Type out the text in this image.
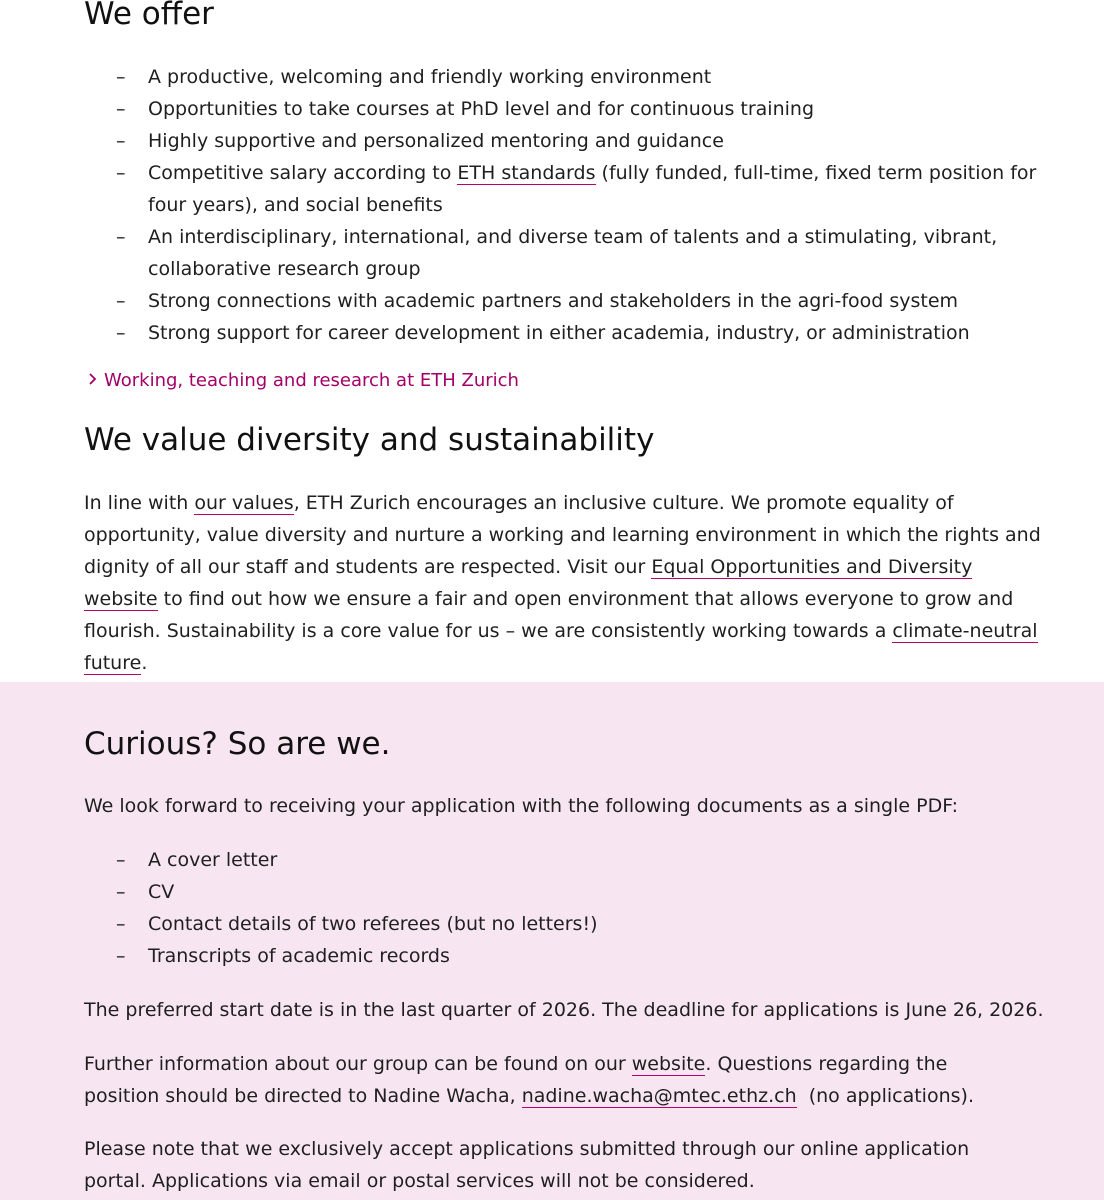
We offer
– A productive, welcoming and friendly working environment
– Opportunities to take courses at PhD level and for continuous training
– Highly supportive and personalized mentoring and guidance
– Competitive salary according to ETH standards (fully funded, full-time, fixed term position for four years), and social benefits
– An interdisciplinary, international, and diverse team of talents and a stimulating, vibrant, collaborative research group
– Strong connections with academic partners and stakeholders in the agri-food system
– Strong support for career development in either academia, industry, or administration
Working, teaching and research at ETH Zurich
We value diversity and sustainability

In line with our values, ETH Zurich encourages an inclusive culture. We promote equality of opportunity, value diversity and nurture a working and learning environment in which the rights and dignity of all our staff and students are respected. Visit our Equal Opportunities and Diversity website to find out how we ensure a fair and open environment that allows everyone to grow and flourish. Sustainability is a core value for us – we are consistently working towards a climate-neutral future.

Curious? So are we.

We look forward to receiving your application with the following documents as a single PDF:

– A cover letter
– CV
– Contact details of two referees (but no letters!)
– Transcripts of academic records

The preferred start date is in the last quarter of 2026. The deadline for applications is June 26, 2026.

Further information about our group can be found on our website. Questions regarding the position should be directed to Nadine Wacha, nadine.wacha@mtec.ethz.ch  (no applications).

Please note that we exclusively accept applications submitted through our online application portal. Applications via email or postal services will not be considered.
